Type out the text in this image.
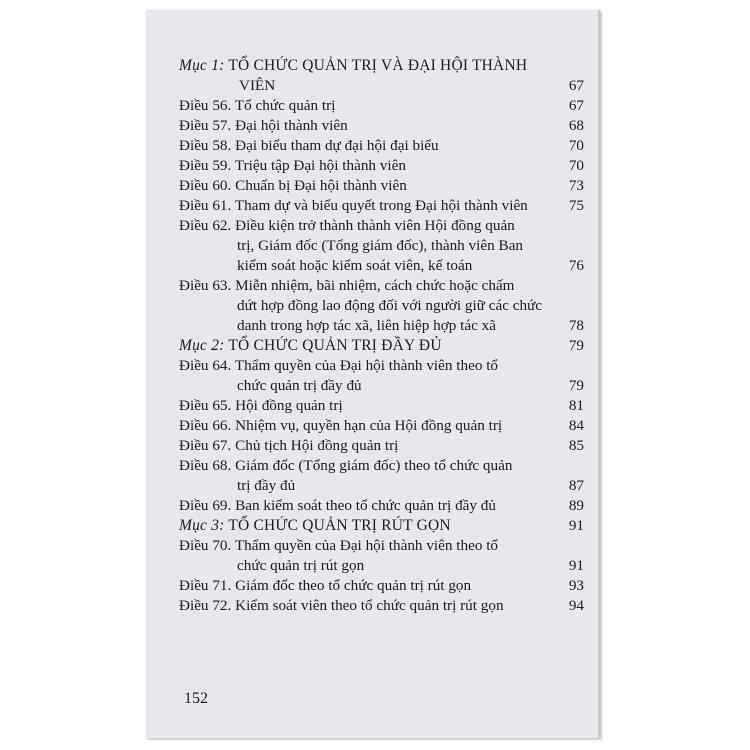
Mục 1: TỔ CHỨC QUẢN TRỊ VÀ ĐẠI HỘI THÀNH
VIÊN	67
Điều 56. Tổ chức quản trị	67
Điều 57. Đại hội thành viên	68
Điều 58. Đại biểu tham dự đại hội đại biểu	70
Điều 59. Triệu tập Đại hội thành viên	70
Điều 60. Chuẩn bị Đại hội thành viên	73
Điều 61. Tham dự và biểu quyết trong Đại hội thành viên	75
Điều 62. Điều kiện trở thành thành viên Hội đồng quản
trị, Giám đốc (Tổng giám đốc), thành viên Ban
kiểm soát hoặc kiểm soát viên, kế toán	76
Điều 63. Miễn nhiệm, bãi nhiệm, cách chức hoặc chấm
dứt hợp đồng lao động đối với người giữ các chức
danh trong hợp tác xã, liên hiệp hợp tác xã	78
Mục 2: TỔ CHỨC QUẢN TRỊ ĐẦY ĐỦ	79
Điều 64. Thẩm quyền của Đại hội thành viên theo tổ
chức quản trị đầy đủ	79
Điều 65. Hội đồng quản trị	81
Điều 66. Nhiệm vụ, quyền hạn của Hội đồng quản trị	84
Điều 67. Chủ tịch Hội đồng quản trị	85
Điều 68. Giám đốc (Tổng giám đốc) theo tổ chức quản
trị đầy đủ	87
Điều 69. Ban kiểm soát theo tổ chức quản trị đầy đủ	89
Mục 3: TỔ CHỨC QUẢN TRỊ RÚT GỌN	91
Điều 70. Thẩm quyền của Đại hội thành viên theo tổ
chức quản trị rút gọn	91
Điều 71. Giám đốc theo tổ chức quản trị rút gọn	93
Điều 72. Kiểm soát viên theo tổ chức quản trị rút gọn	94
152
